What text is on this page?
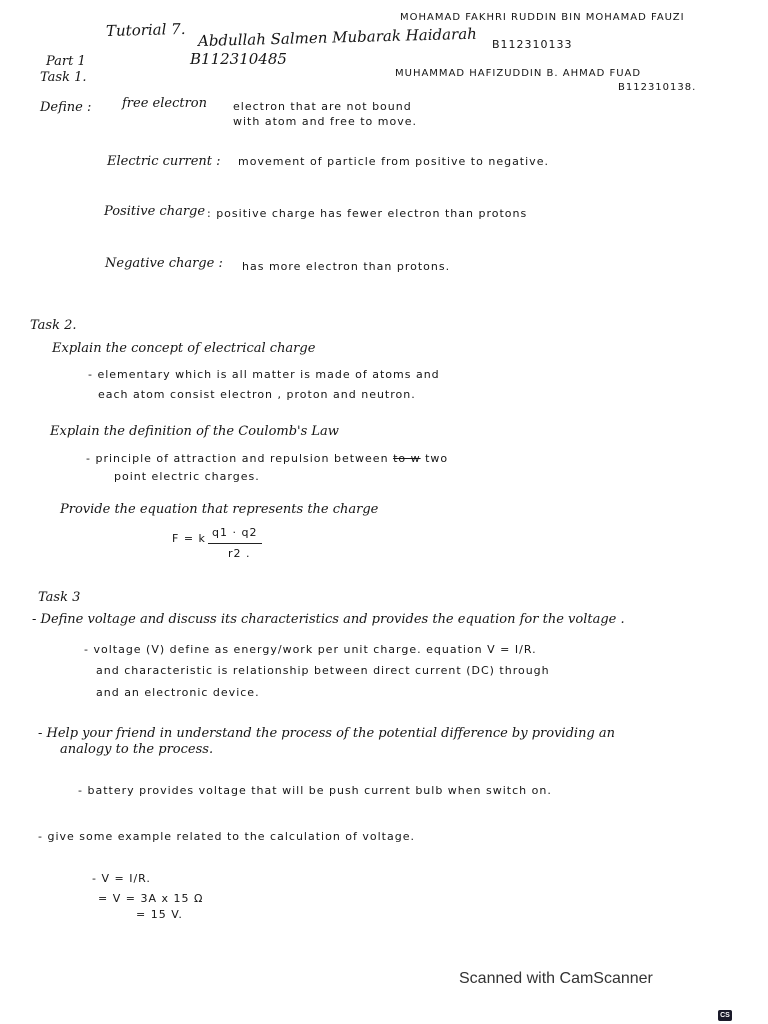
Tutorial 7. Abdullah Salmen Mubarak Haidarah
B112310485
MOHAMAD FAKHRI RUDDIN BIN MOHAMAD FAUZI
B112310133
MUHAMMAD HAFIZUDDIN B. AHMAD FUAD
B112310138.
Part 1
Task 1.
Define : free electron electron that are not bound
with atom and free to move.
Electric current : movement of particle from positive to negative.
Positive charge : positive charge has fewer electron than protons
Negative charge : has more electron than protons.
Task 2.
Explain the concept of electrical charge
- elementary which is all matter is made of atoms and
each atom consist electron , proton and neutron.
Explain the definition of the Coulomb's Law
- principle of attraction and repulsion between to w two
point electric charges.
Provide the equation that represents the charge
F = k q1 · q2
r2 .
Task 3
- Define voltage and discuss its characteristics and provides the equation for the voltage .
- voltage (V) define as energy/work per unit charge. equation V = I/R.
and characteristic is relationship between direct current (DC) through
and an electronic device.
- Help your friend in understand the process of the potential difference by providing an
analogy to the process.
- battery provides voltage that will be push current bulb when switch on.
- give some example related to the calculation of voltage.
- V = I/R.
= V = 3A x 15 Ω
= 15 V.
Scanned with CamScanner
CS
